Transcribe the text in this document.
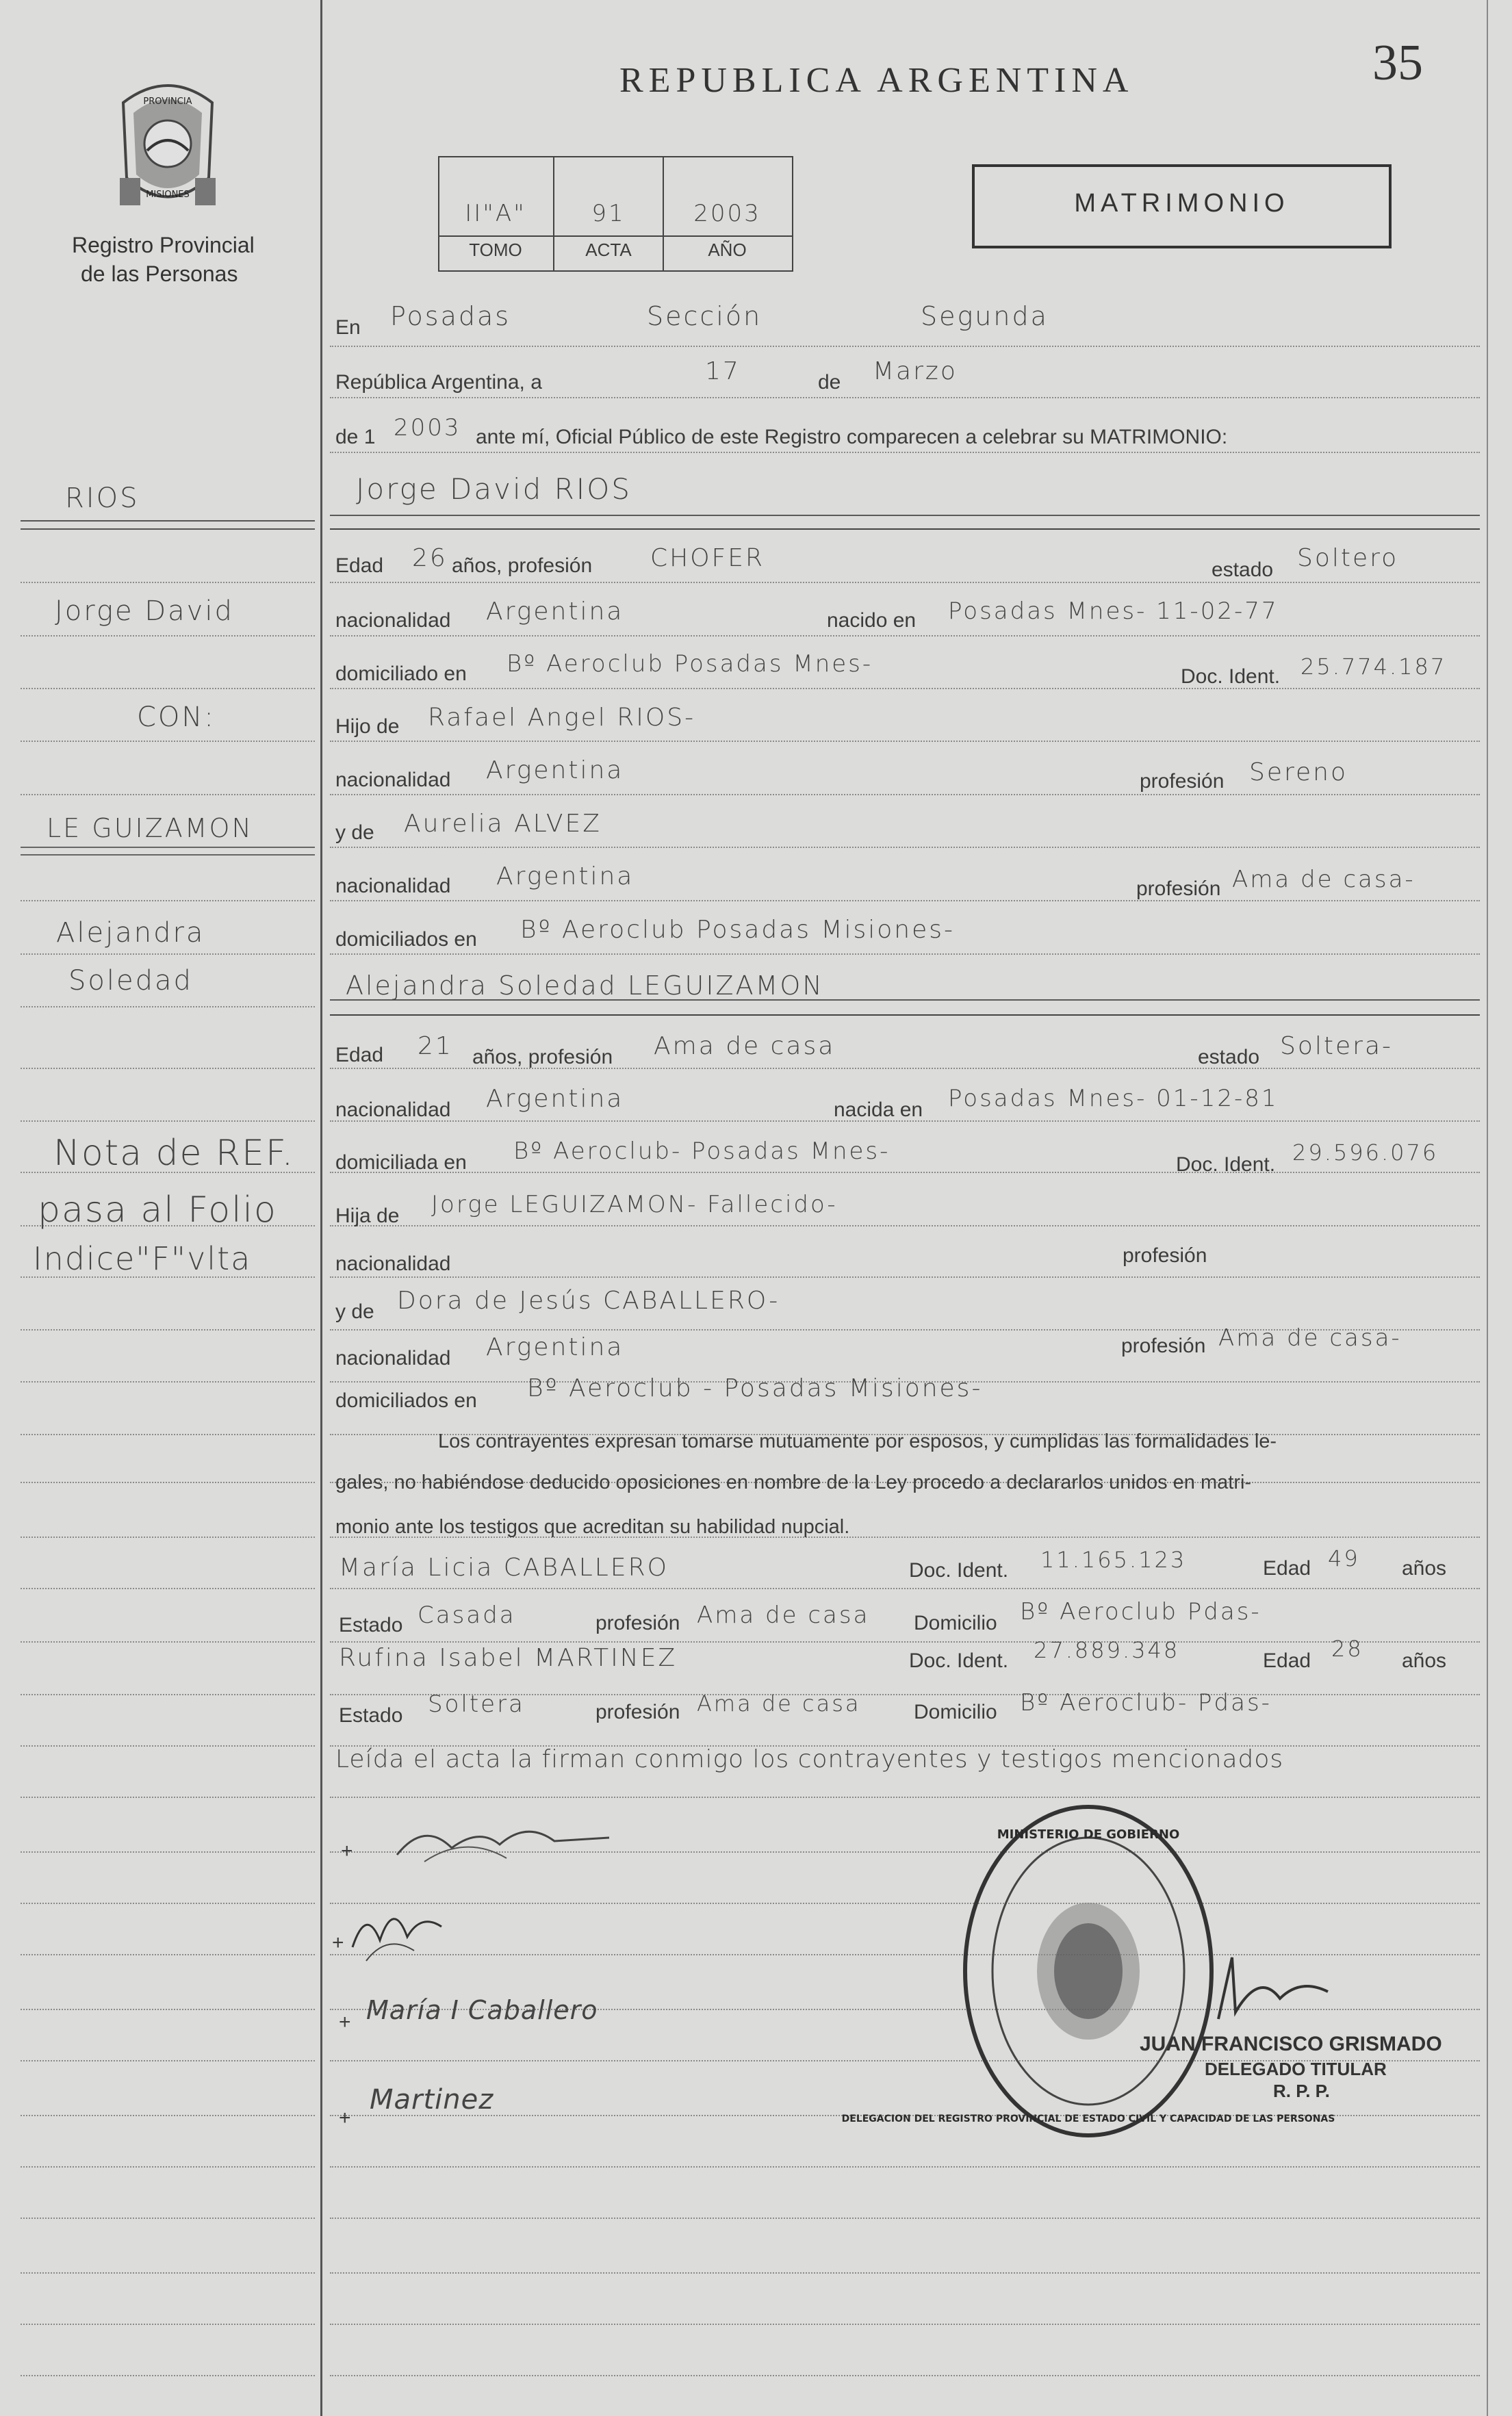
REPUBLICA ARGENTINA	35
PROVINCIA
MISIONES
Registro Provincial
de las Personas
II"A"
TOMO
91
ACTA
2003
AÑO
MATRIMONIO
RIOS
Jorge David
CON:
LE GUIZAMON
Alejandra
Soledad
Nota de REF.
pasa al Folio
Indice"F"vlta
En Posadas	Sección	Segunda
República Argentina, a	17	de Marzo
de 1 2003 ante mí, Oficial Público de este Registro comparecen a celebrar su MATRIMONIO:
Jorge David RIOS
Edad 26 años, profesión CHOFER	estado Soltero
nacionalidad Argentina	nacido en Posadas Mnes- 11-02-77
domiciliado en Bº Aeroclub Posadas Mnes-	Doc. Ident. 25.774.187
Hijo de Rafael Angel RIOS-
nacionalidad Argentina	profesión Sereno
y de Aurelia ALVEZ
nacionalidad Argentina	profesión Ama de casa-
domiciliados en Bº Aeroclub Posadas Misiones-
Alejandra Soledad LEGUIZAMON
Edad 21 años, profesión Ama de casa	estado Soltera-
nacionalidad Argentina	nacida en Posadas Mnes- 01-12-81
domiciliada en Bº Aeroclub- Posadas Mnes-	Doc. Ident. 29.596.076
Hija de Jorge LEGUIZAMON- Fallecido-
nacionalidad	profesión
y de Dora de Jesús CABALLERO-
nacionalidad Argentina	profesión Ama de casa-
domiciliados en Bº Aeroclub - Posadas Misiones-
Los contrayentes expresan tomarse mutuamente por esposos, y cumplidas las formalidades le-
gales, no habiéndose deducido oposiciones en nombre de la Ley procedo a declararlos unidos en matri-
monio ante los testigos que acreditan su habilidad nupcial.
María Licia CABALLERO	Doc. Ident. 11.165.123	Edad 49 años
Estado Casada	profesión Ama de casa Domicilio Bº Aeroclub Pdas-
Rufina Isabel MARTINEZ	Doc. Ident. 27.889.348	Edad 28 años
Estado Soltera	profesión Ama de casa	Domicilio Bº Aeroclub- Pdas-
Leída el acta la firman conmigo los contrayentes y testigos mencionados
+
+
+ María I Caballero
+
Martinez
MINISTERIO DE GOBIERNO
DELEGACION DEL REGISTRO PROVINCIAL DE ESTADO CIVIL Y CAPACIDAD DE LAS PERSONAS
JUAN FRANCISCO GRISMADO
DELEGADO TITULAR
R. P. P.
